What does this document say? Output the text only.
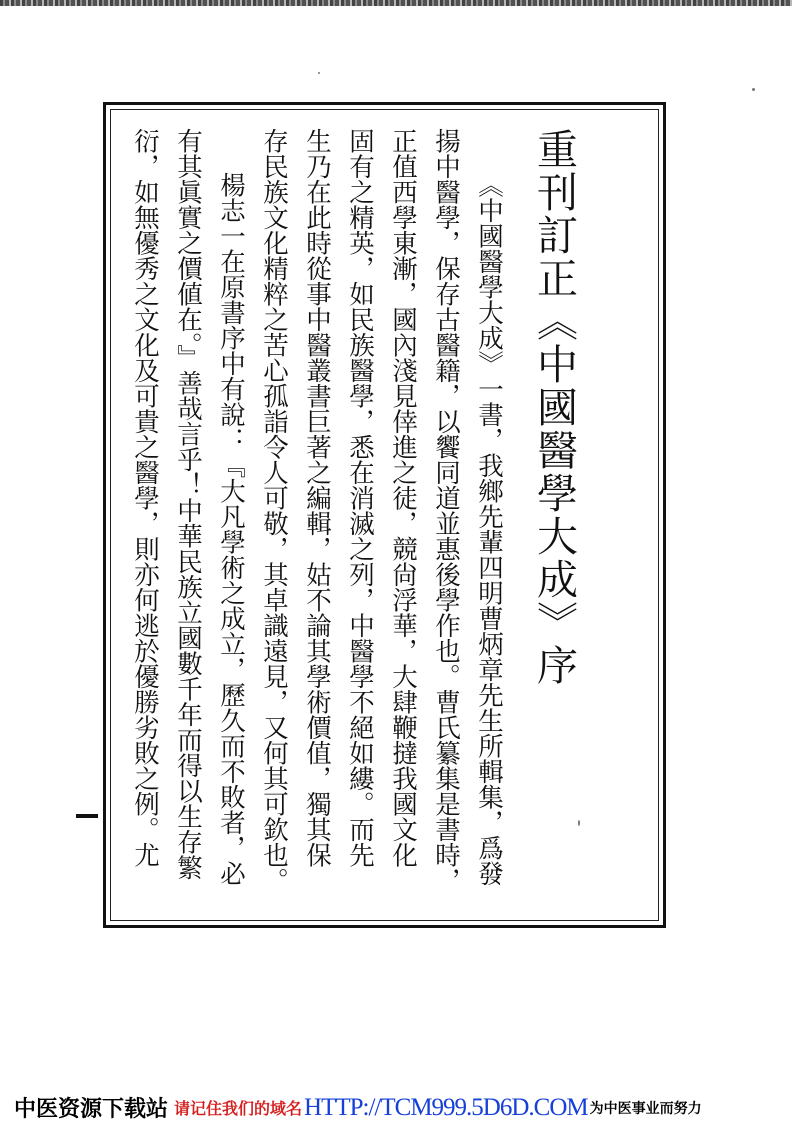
重刊訂正《中國醫學大成》序
《中國醫學大成》一書，我鄉先輩四明曹炳章先生所輯集，爲發
揚中醫學，保存古醫籍，以饗同道並惠後學作也。曹氏纂集是書時，
正值西學東漸，國內淺見倖進之徒，競尙浮華，大肆鞭撻我國文化
固有之精英，如民族醫學，悉在消滅之列，中醫學不絕如縷。而先
生乃在此時從事中醫叢書巨著之編輯，姑不論其學術價值，獨其保
存民族文化精粹之苦心孤詣令人可敬，其卓識遠見，又何其可欽也。
楊志一在原書序中有說：『大凡學術之成立，歷久而不敗者，必
有其眞實之價値在。』善哉言乎！中華民族立國數千年而得以生存繁
衍，如無優秀之文化及可貴之醫學，則亦何逃於優勝劣敗之例。尤
中医资源下载站 请记住我们的域名HTTP://TCM999.5D6D.COM 为中医事业而努力
